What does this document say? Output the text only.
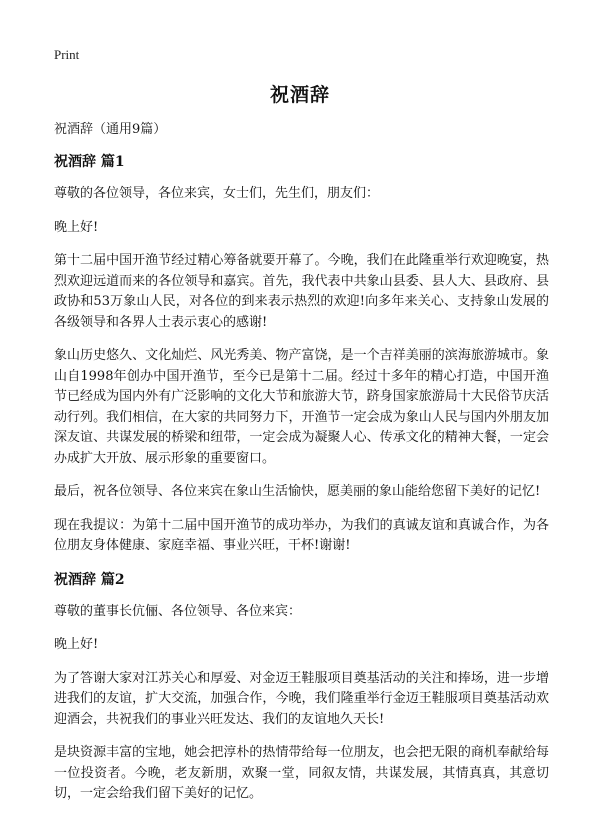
Print
祝酒辞
祝酒辞（通用9篇）
祝酒辞 篇1

尊敬的各位领导，各位来宾，女士们，先生们，朋友们：

晚上好!

第十二届中国开渔节经过精心筹备就要开幕了。今晚，我们在此隆重举行欢迎晚宴，热烈欢迎远道而来的各位领导和嘉宾。首先，我代表中共象山县委、县人大、县政府、县政协和53万象山人民，对各位的到来表示热烈的欢迎!向多年来关心、支持象山发展的各级领导和各界人士表示衷心的感谢!

象山历史悠久、文化灿烂、风光秀美、物产富饶，是一个吉祥美丽的滨海旅游城市。象山自1998年创办中国开渔节，至今已是第十二届。经过十多年的精心打造，中国开渔节已经成为国内外有广泛影响的文化大节和旅游大节，跻身国家旅游局十大民俗节庆活动行列。我们相信，在大家的共同努力下，开渔节一定会成为象山人民与国内外朋友加深友谊、共谋发展的桥梁和纽带，一定会成为凝聚人心、传承文化的精神大餐，一定会办成扩大开放、展示形象的重要窗口。

最后，祝各位领导、各位来宾在象山生活愉快，愿美丽的象山能给您留下美好的记忆!

现在我提议：为第十二届中国开渔节的成功举办，为我们的真诚友谊和真诚合作，为各位朋友身体健康、家庭幸福、事业兴旺，干杯!谢谢!

祝酒辞 篇2

尊敬的董事长伉俪、各位领导、各位来宾：

晚上好!

为了答谢大家对江苏关心和厚爱、对金迈王鞋服项目奠基活动的关注和捧场，进一步增进我们的友谊，扩大交流，加强合作，今晚，我们隆重举行金迈王鞋服项目奠基活动欢迎酒会，共祝我们的事业兴旺发达、我们的友谊地久天长!

是块资源丰富的宝地，她会把淳朴的热情带给每一位朋友，也会把无限的商机奉献给每一位投资者。今晚，老友新朋，欢聚一堂，同叙友情，共谋发展，其情真真，其意切切，一定会给我们留下美好的记忆。
